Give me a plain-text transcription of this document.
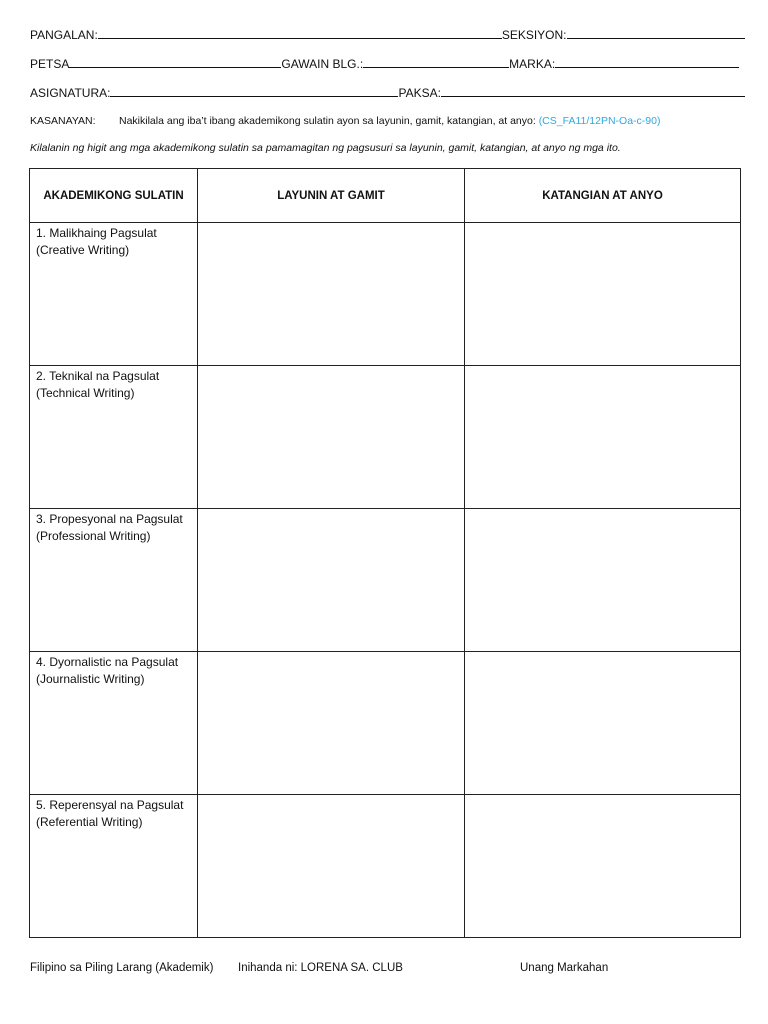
PANGALAN:	SEKSIYON:
PETSA	GAWAIN BLG.:	MARKA:
ASIGNATURA:	PAKSA:
KASANAYAN: Nakikilala ang iba’t ibang akademikong sulatin ayon sa layunin, gamit, katangian, at anyo: (CS_FA11/12PN-Oa-c-90)
Kilalanin ng higit ang mga akademikong sulatin sa pamamagitan ng pagsusuri sa layunin, gamit, katangian, at anyo ng mga ito.
AKADEMIKONG SULATIN	LAYUNIN AT GAMIT	KATANGIAN AT ANYO

1. Malikhaing Pagsulat
(Creative Writing)		

2. Teknikal na Pagsulat
(Technical Writing)		

3. Propesyonal na Pagsulat
(Professional Writing)		

4. Dyornalistic na Pagsulat
(Journalistic Writing)		

5. Reperensyal na Pagsulat
(Referential Writing)		

Filipino sa Piling Larang (Akademik) Inihanda ni: LORENA SA. CLUB	Unang Markahan
